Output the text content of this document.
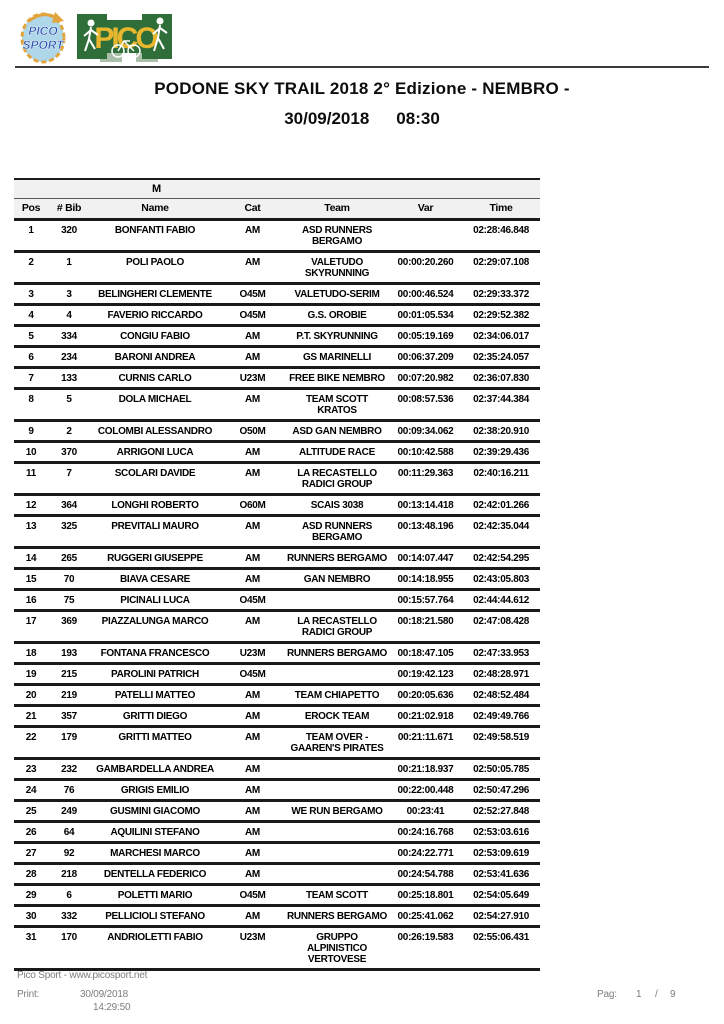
PICO
SPORT PICO
PODONE SKY TRAIL 2018 2° Edizione - NEMBRO -
30/09/2018 08:30
M						
Pos	# Bib	Name	Cat	Team	Var	Time
1	320	BONFANTI FABIO	AM	ASD RUNNERS BERGAMO		02:28:46.848
2	1	POLI PAOLO	AM	VALETUDO SKYRUNNING	00:00:20.260	02:29:07.108
3	3	BELINGHERI CLEMENTE	O45M	VALETUDO-SERIM	00:00:46.524	02:29:33.372
4	4	FAVERIO RICCARDO	O45M	G.S. OROBIE	00:01:05.534	02:29:52.382
5	334	CONGIU FABIO	AM	P.T. SKYRUNNING	00:05:19.169	02:34:06.017
6	234	BARONI ANDREA	AM	GS MARINELLI	00:06:37.209	02:35:24.057
7	133	CURNIS CARLO	U23M	FREE BIKE NEMBRO	00:07:20.982	02:36:07.830
8	5	DOLA MICHAEL	AM	TEAM SCOTT KRATOS	00:08:57.536	02:37:44.384
9	2	COLOMBI ALESSANDRO	O50M	ASD GAN NEMBRO	00:09:34.062	02:38:20.910
10	370	ARRIGONI LUCA	AM	ALTITUDE RACE	00:10:42.588	02:39:29.436
11	7	SCOLARI DAVIDE	AM	LA RECASTELLO RADICI GROUP	00:11:29.363	02:40:16.211
12	364	LONGHI ROBERTO	O60M	SCAIS 3038	00:13:14.418	02:42:01.266
13	325	PREVITALI MAURO	AM	ASD RUNNERS BERGAMO	00:13:48.196	02:42:35.044
14	265	RUGGERI GIUSEPPE	AM	RUNNERS BERGAMO	00:14:07.447	02:42:54.295
15	70	BIAVA CESARE	AM	GAN NEMBRO	00:14:18.955	02:43:05.803
16	75	PICINALI LUCA	O45M		00:15:57.764	02:44:44.612
17	369	PIAZZALUNGA MARCO	AM	LA RECASTELLO RADICI GROUP	00:18:21.580	02:47:08.428
18	193	FONTANA FRANCESCO	U23M	RUNNERS BERGAMO	00:18:47.105	02:47:33.953
19	215	PAROLINI PATRICH	O45M		00:19:42.123	02:48:28.971
20	219	PATELLI MATTEO	AM	TEAM CHIAPETTO	00:20:05.636	02:48:52.484
21	357	GRITTI DIEGO	AM	EROCK TEAM	00:21:02.918	02:49:49.766
22	179	GRITTI MATTEO	AM	TEAM OVER - GAAREN'S PIRATES	00:21:11.671	02:49:58.519
23	232	GAMBARDELLA ANDREA	AM		00:21:18.937	02:50:05.785
24	76	GRIGIS EMILIO	AM		00:22:00.448	02:50:47.296
25	249	GUSMINI GIACOMO	AM	WE RUN BERGAMO	00:23:41	02:52:27.848
26	64	AQUILINI STEFANO	AM		00:24:16.768	02:53:03.616
27	92	MARCHESI MARCO	AM		00:24:22.771	02:53:09.619
28	218	DENTELLA FEDERICO	AM		00:24:54.788	02:53:41.636
29	6	POLETTI MARIO	O45M	TEAM SCOTT	00:25:18.801	02:54:05.649
30	332	PELLICIOLI STEFANO	AM	RUNNERS BERGAMO	00:25:41.062	02:54:27.910
31	170	ANDRIOLETTI FABIO	U23M	GRUPPO ALPINISTICO VERTOVESE	00:26:19.583	02:55:06.431
Pico Sport - www.picosport.net
Print:	30/09/2018
14:29:50
Pag: 1 / 9
